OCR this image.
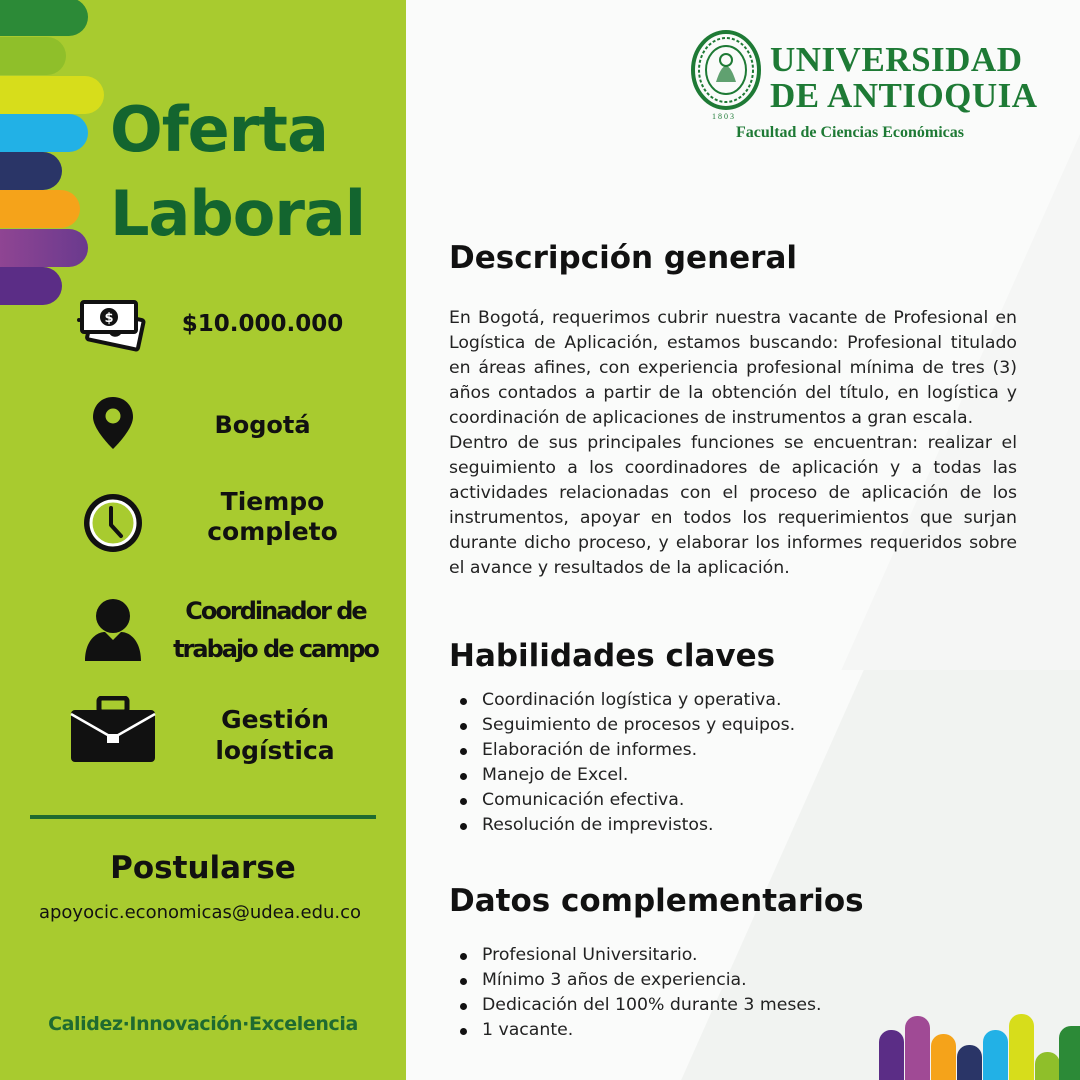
Oferta
Laboral
$	$10.000.000
Bogotá
Tiempo
completo
Coordinador de
trabajo de campo
Gestión
logística
Postularse
apoyocic.economicas@udea.edu.co
Calidez·Innovación·Excelencia
1803
UNIVERSIDAD
DE ANTIOQUIA
Facultad de Ciencias Económicas
Descripción general

En Bogotá, requerimos cubrir nuestra vacante de Profesional en Logística de Aplicación, estamos buscando: Profesional titulado en áreas afines, con experiencia profesional mínima de tres (3) años contados a partir de la obtención del título, en logística y coordinación de aplicaciones de instrumentos a gran escala.

Dentro de sus principales funciones se encuentran: realizar el seguimiento a los coordinadores de aplicación y a todas las actividades relacionadas con el proceso de aplicación de los instrumentos, apoyar en todos los requerimientos que surjan durante dicho proceso, y elaborar los informes requeridos sobre el avance y resultados de la aplicación.

Habilidades claves
Coordinación logística y operativa.
Seguimiento de procesos y equipos.
Elaboración de informes.
Manejo de Excel.
Comunicación efectiva.
Resolución de imprevistos.
Datos complementarios
Profesional Universitario.
Mínimo 3 años de experiencia.
Dedicación del 100% durante 3 meses.
1 vacante.
